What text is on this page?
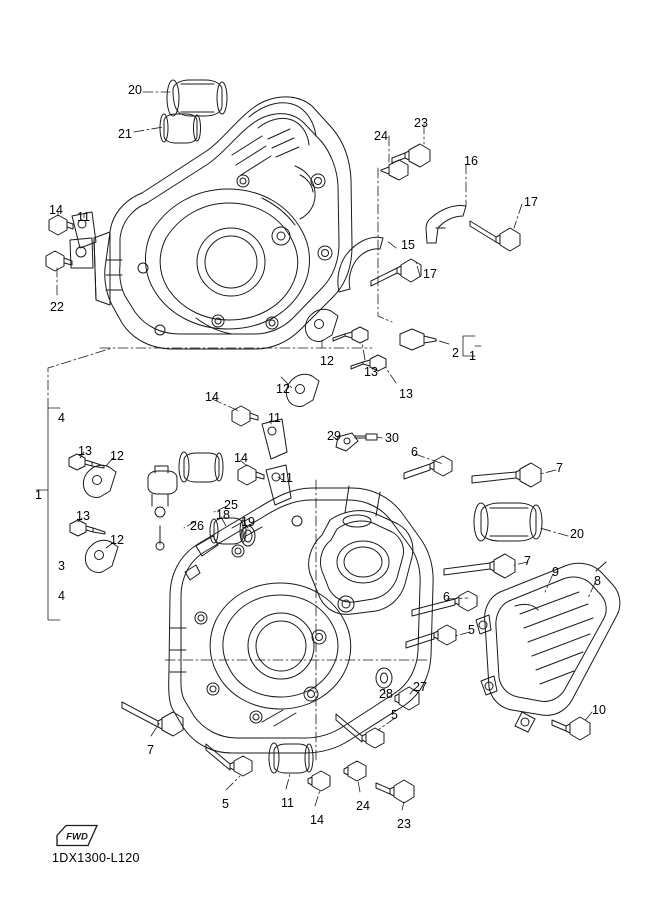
20
21	24
23
16
17
14 11
15
17
22
12
13
2 1
12	13
14
11
29	30
4
13 12	14
11
6
7
1
13
25
26
18 19
20
12
3	7
9
8
4	6
5
28 27
10
7
5	11
14
24
5
23
FWD
1DX1300-L120
